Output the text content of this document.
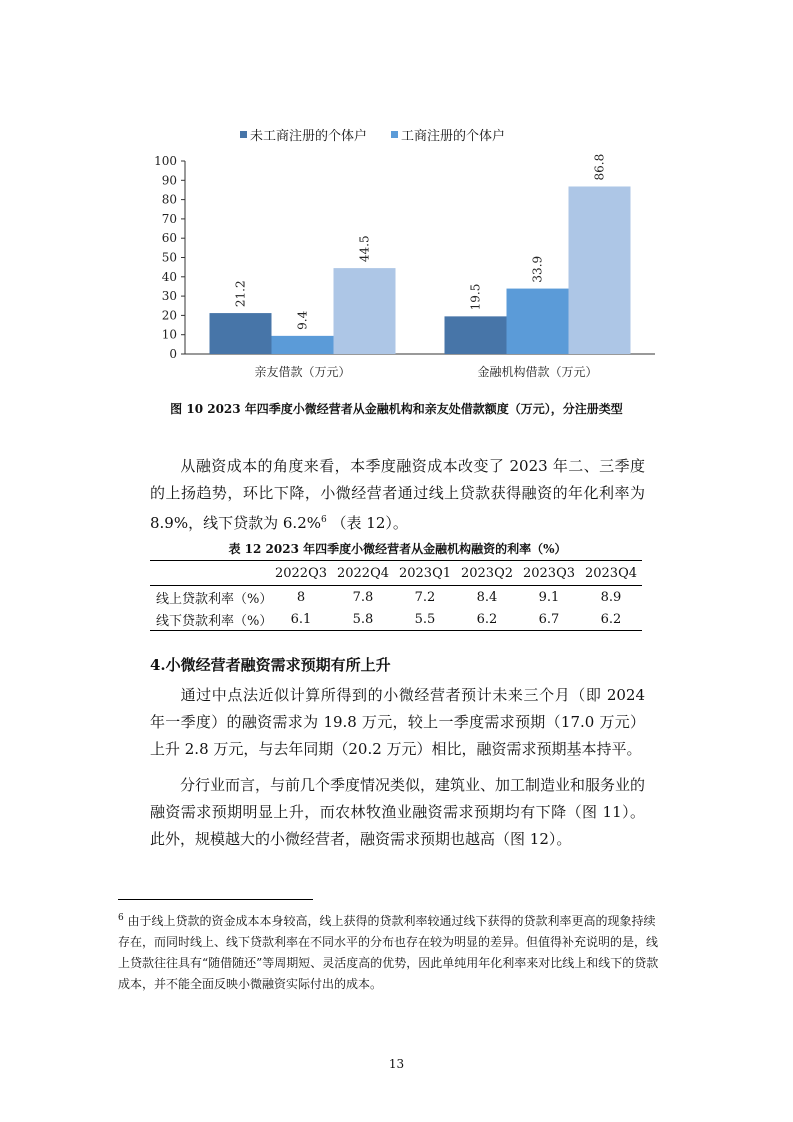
未工商注册的个体户	工商注册的个体户
0
10
20
30
40
50
60
70
80
90
100
21.2
9.4
44.5
亲友借款（万元）
19.5
33.9
86.8
金融机构借款（万元）
图 10 2023 年四季度小微经营者从金融机构和亲友处借款额度（万元），分注册类型

从融资成本的角度来看，本季度融资成本改变了 2023 年二、三季度的上扬趋势，环比下降，小微经营者通过线上贷款获得融资的年化利率为 8.9%，线下贷款为 6.2%$^6$ （表 12）。

表 12 2023 年四季度小微经营者从金融机构融资的利率（%）
	2022Q3	2022Q4	2023Q1	2023Q2	2023Q3	2023Q4
线上贷款利率（%）	8	7.8	7.2	8.4	9.1	8.9
线下贷款利率（%）	6.1	5.8	5.5	6.2	6.7	6.2
4.小微经营者融资需求预期有所上升

通过中点法近似计算所得到的小微经营者预计未来三个月（即 2024 年一季度）的融资需求为 19.8 万元，较上一季度需求预期（17.0 万元）上升 2.8 万元，与去年同期（20.2 万元）相比，融资需求预期基本持平。

分行业而言，与前几个季度情况类似，建筑业、加工制造业和服务业的融资需求预期明显上升，而农林牧渔业融资需求预期均有下降（图 11）。此外，规模越大的小微经营者，融资需求预期也越高（图 12）。

$^6$ 由于线上贷款的资金成本本身较高，线上获得的贷款利率较通过线下获得的贷款利率更高的现象持续存在，而同时线上、线下贷款利率在不同水平的分布也存在较为明显的差异。但值得补充说明的是，线上贷款往往具有“随借随还”等周期短、灵活度高的优势，因此单纯用年化利率来对比线上和线下的贷款成本，并不能全面反映小微融资实际付出的成本。

13
